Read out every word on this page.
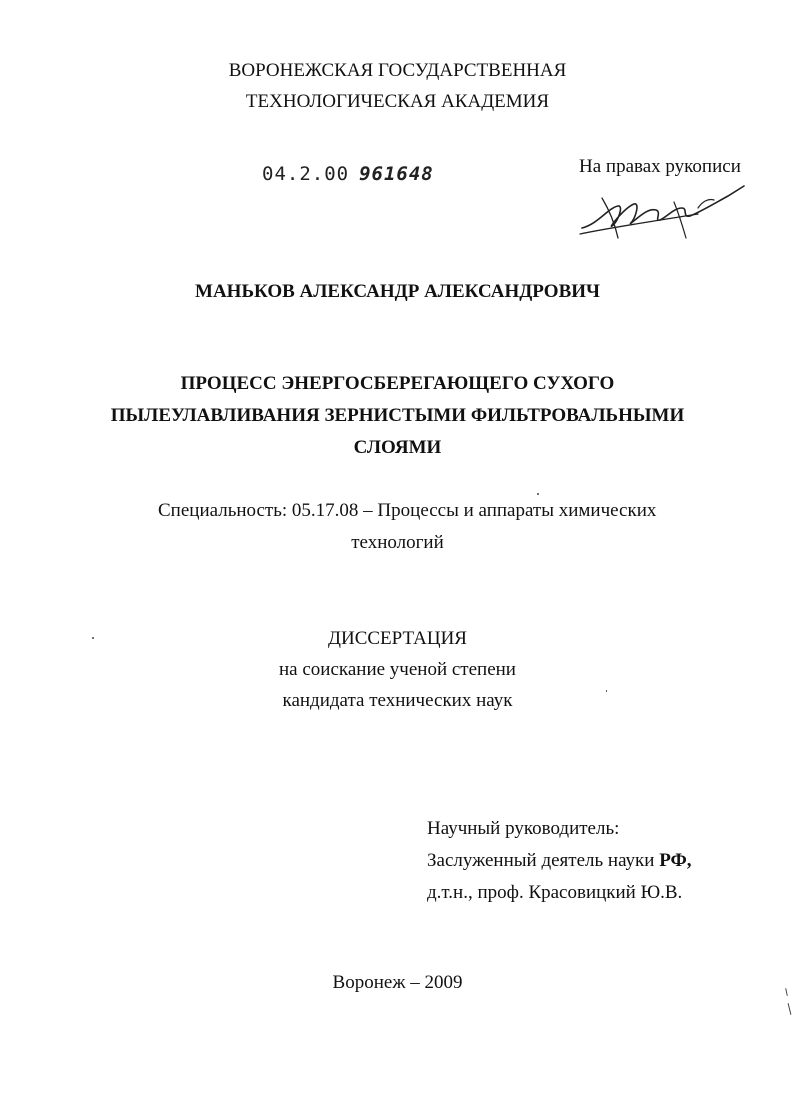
ВОРОНЕЖСКАЯ ГОСУДАРСТВЕННАЯ
ТЕХНОЛОГИЧЕСКАЯ АКАДЕМИЯ
04.2.00 961648	На правах рукописи
МАНЬКОВ АЛЕКСАНДР АЛЕКСАНДРОВИЧ
ПРОЦЕСС ЭНЕРГОСБЕРЕГАЮЩЕГО СУХОГО
ПЫЛЕУЛАВЛИВАНИЯ ЗЕРНИСТЫМИ ФИЛЬТРОВАЛЬНЫМИ
СЛОЯМИ
Специальность: 05.17.08 – Процессы и аппараты химических
технологий
ДИССЕРТАЦИЯ
на соискание ученой степени
кандидата технических наук
Научный руководитель:
Заслуженный деятель науки РФ,
д.т.н., проф. Красовицкий Ю.В.
Воронеж – 2009
